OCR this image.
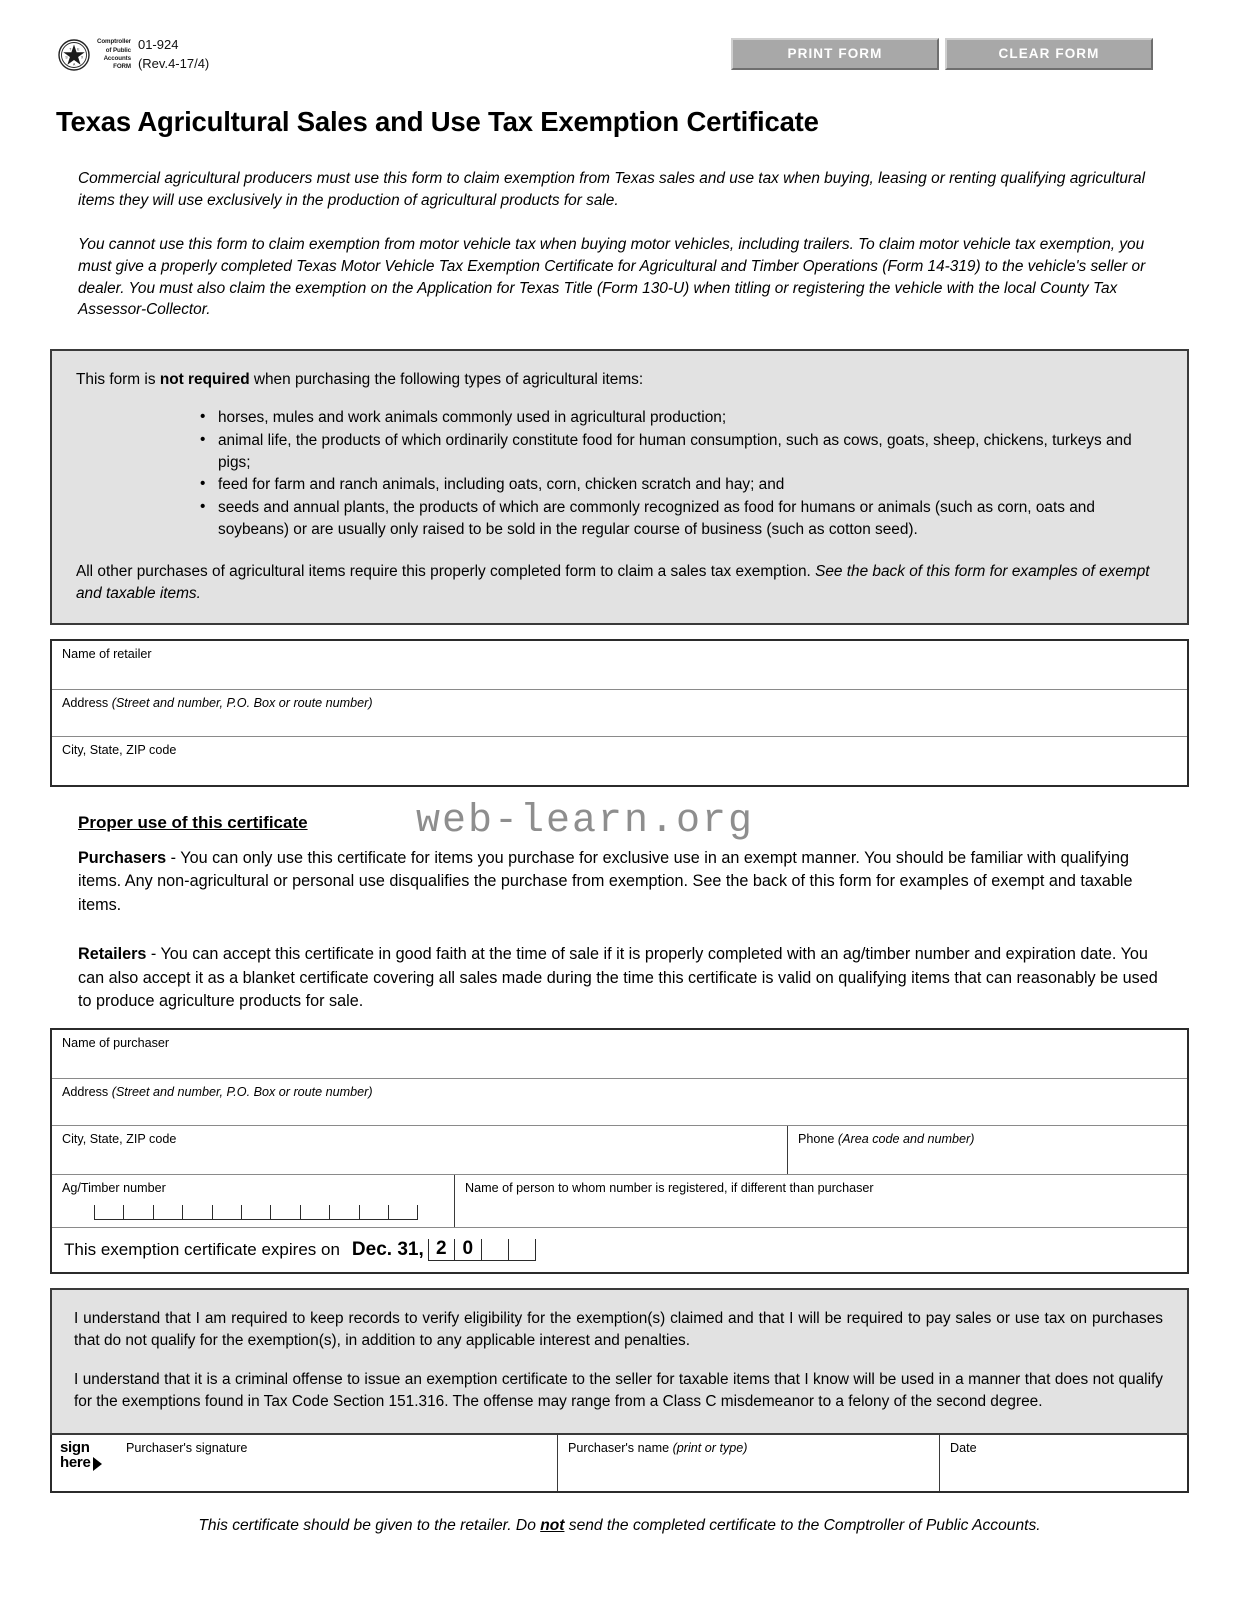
T E
S	X
A
Comptroller
of Public
Accounts
FORM
01-924
(Rev.4-17/4)
PRINT FORM	CLEAR FORM
Texas Agricultural Sales and Use Tax Exemption Certificate

Commercial agricultural producers must use this form to claim exemption from Texas sales and use tax when buying, leasing or renting qualifying agricultural items they will use exclusively in the production of agricultural products for sale.

You cannot use this form to claim exemption from motor vehicle tax when buying motor vehicles, including trailers. To claim motor vehicle tax exemption, you must give a properly completed Texas Motor Vehicle Tax Exemption Certificate for Agricultural and Timber Operations (Form 14-319) to the vehicle's seller or dealer. You must also claim the exemption on the Application for Texas Title (Form 130-U) when titling or registering the vehicle with the local County Tax Assessor-Collector.

This form is not required when purchasing the following types of agricultural items:
• horses, mules and work animals commonly used in agricultural production;
• animal life, the products of which ordinarily constitute food for human consumption, such as cows, goats, sheep, chickens, turkeys and pigs;
• feed for farm and ranch animals, including oats, corn, chicken scratch and hay; and
• seeds and annual plants, the products of which are commonly recognized as food for humans or animals (such as corn, oats and soybeans) or are usually only raised to be sold in the regular course of business (such as cotton seed).
All other purchases of agricultural items require this properly completed form to claim a sales tax exemption. See the back of this form for examples of exempt and taxable items.
Name of retailer
Address (Street and number, P.O. Box or route number)
City, State, ZIP code
Proper use of this certificate	web-learn.org

Purchasers - You can only use this certificate for items you purchase for exclusive use in an exempt manner. You should be familiar with qualifying items. Any non-agricultural or personal use disqualifies the purchase from exemption. See the back of this form for examples of exempt and taxable items.

Retailers - You can accept this certificate in good faith at the time of sale if it is properly completed with an ag/timber number and expiration date. You can also accept it as a blanket certificate covering all sales made during the time this certificate is valid on qualifying items that can reasonably be used to produce agriculture products for sale.

Name of purchaser
Address (Street and number, P.O. Box or route number)
City, State, ZIP code	Phone (Area code and number)
Ag/Timber number	Name of person to whom number is registered, if different than purchaser
This exemption certificate expires on Dec. 31, 2 0

I understand that I am required to keep records to verify eligibility for the exemption(s) claimed and that I will be required to pay sales or use tax on purchases that do not qualify for the exemption(s), in addition to any applicable interest and penalties.

I understand that it is a criminal offense to issue an exemption certificate to the seller for taxable items that I know will be used in a manner that does not qualify for the exemptions found in Tax Code Section 151.316. The offense may range from a Class C misdemeanor to a felony of the second degree.

sign
here
Purchaser's signature	Purchaser's name (print or type)	Date
This certificate should be given to the retailer. Do not send the completed certificate to the Comptroller of Public Accounts.
